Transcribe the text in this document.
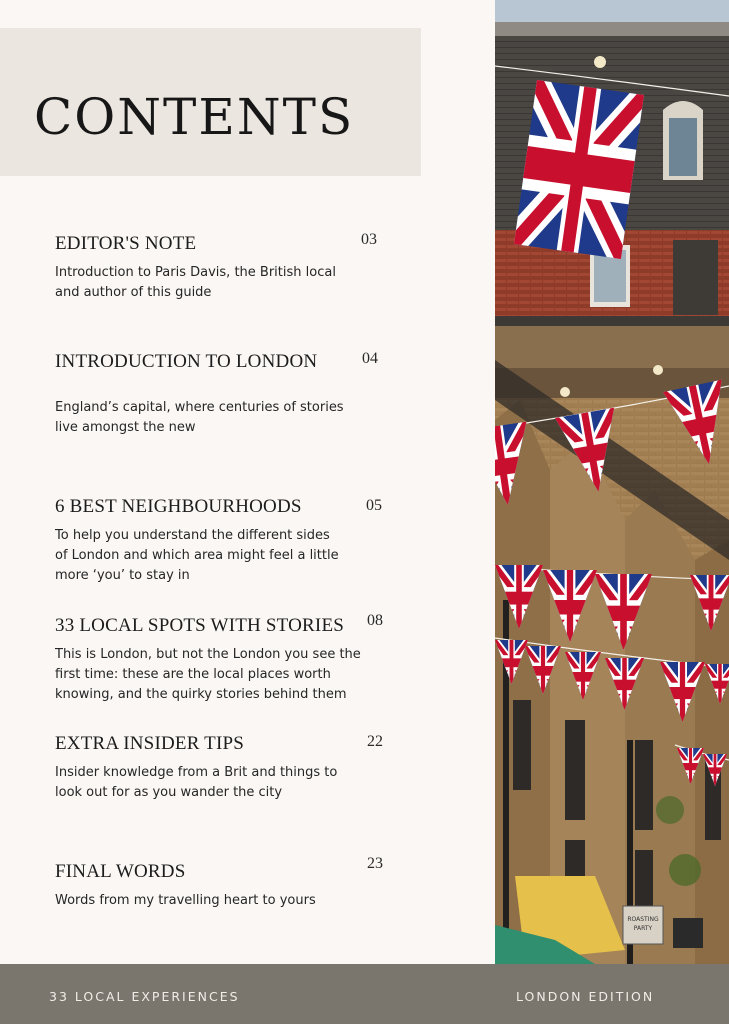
CONTENTS
EDITOR'S NOTE
Introduction to Paris Davis, the British local
and author of this guide
03
INTRODUCTION TO LONDON
England’s capital, where centuries of stories
live amongst the new
04
6 BEST NEIGHBOURHOODS
To help you understand the different sides
of London and which area might feel a little
more ‘you’ to stay in
05
33 LOCAL SPOTS WITH STORIES
This is London, but not the London you see the
first time: these are the local places worth
knowing, and the quirky stories behind them
08
EXTRA INSIDER TIPS
Insider knowledge from a Brit and things to
look out for as you wander the city
22
FINAL WORDS
Words from my travelling heart to yours
23
ROASTING
PARTY
33 LOCAL EXPERIENCES	LONDON EDITION
